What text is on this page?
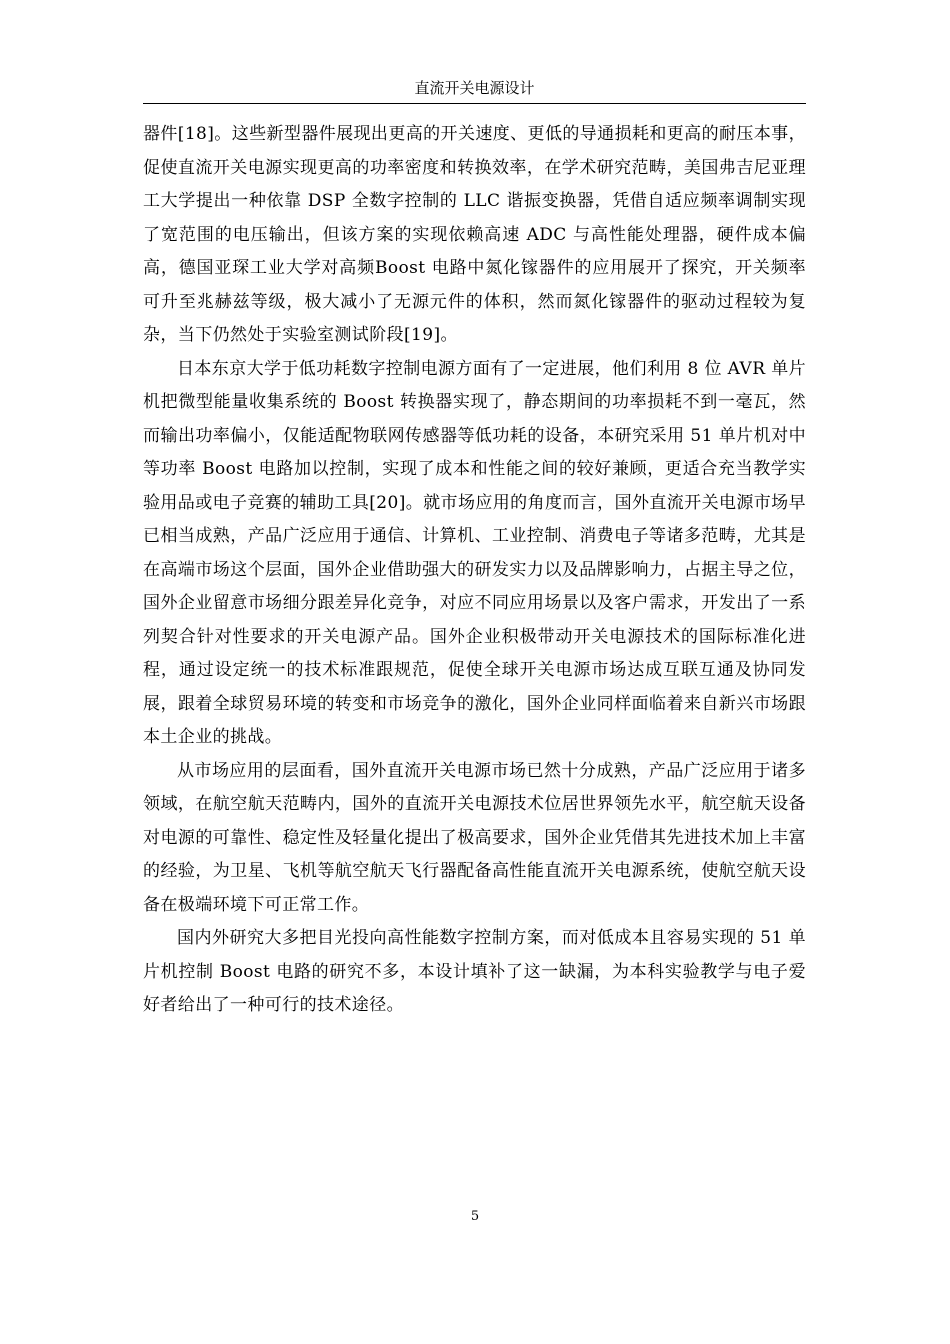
直流开关电源设计

器件[18]。这些新型器件展现出更高的开关速度、更低的导通损耗和更高的耐压本事，促使直流开关电源实现更高的功率密度和转换效率，在学术研究范畴，美国弗吉尼亚理工大学提出一种依靠 DSP 全数字控制的 LLC 谐振变换器，凭借自适应频率调制实现了宽范围的电压输出，但该方案的实现依赖高速 ADC 与高性能处理器，硬件成本偏高，德国亚琛工业大学对高频Boost 电路中氮化镓器件的应用展开了探究，开关频率可升至兆赫兹等级，极大减小了无源元件的体积，然而氮化镓器件的驱动过程较为复杂，当下仍然处于实验室测试阶段[19]。

日本东京大学于低功耗数字控制电源方面有了一定进展，他们利用 8 位 AVR 单片机把微型能量收集系统的 Boost 转换器实现了，静态期间的功率损耗不到一毫瓦，然而输出功率偏小，仅能适配物联网传感器等低功耗的设备，本研究采用 51 单片机对中等功率 Boost 电路加以控制，实现了成本和性能之间的较好兼顾，更适合充当教学实验用品或电子竞赛的辅助工具[20]。就市场应用的角度而言，国外直流开关电源市场早已相当成熟，产品广泛应用于通信、计算机、工业控制、消费电子等诸多范畴，尤其是在高端市场这个层面，国外企业借助强大的研发实力以及品牌影响力，占据主导之位，国外企业留意市场细分跟差异化竞争，对应不同应用场景以及客户需求，开发出了一系列契合针对性要求的开关电源产品。国外企业积极带动开关电源技术的国际标准化进程，通过设定统一的技术标准跟规范，促使全球开关电源市场达成互联互通及协同发展，跟着全球贸易环境的转变和市场竞争的激化，国外企业同样面临着来自新兴市场跟本土企业的挑战。

从市场应用的层面看，国外直流开关电源市场已然十分成熟，产品广泛应用于诸多领域，在航空航天范畴内，国外的直流开关电源技术位居世界领先水平，航空航天设备对电源的可靠性、稳定性及轻量化提出了极高要求，国外企业凭借其先进技术加上丰富的经验，为卫星、飞机等航空航天飞行器配备高性能直流开关电源系统，使航空航天设备在极端环境下可正常工作。

国内外研究大多把目光投向高性能数字控制方案，而对低成本且容易实现的 51 单片机控制 Boost 电路的研究不多，本设计填补了这一缺漏，为本科实验教学与电子爱好者给出了一种可行的技术途径。

5
